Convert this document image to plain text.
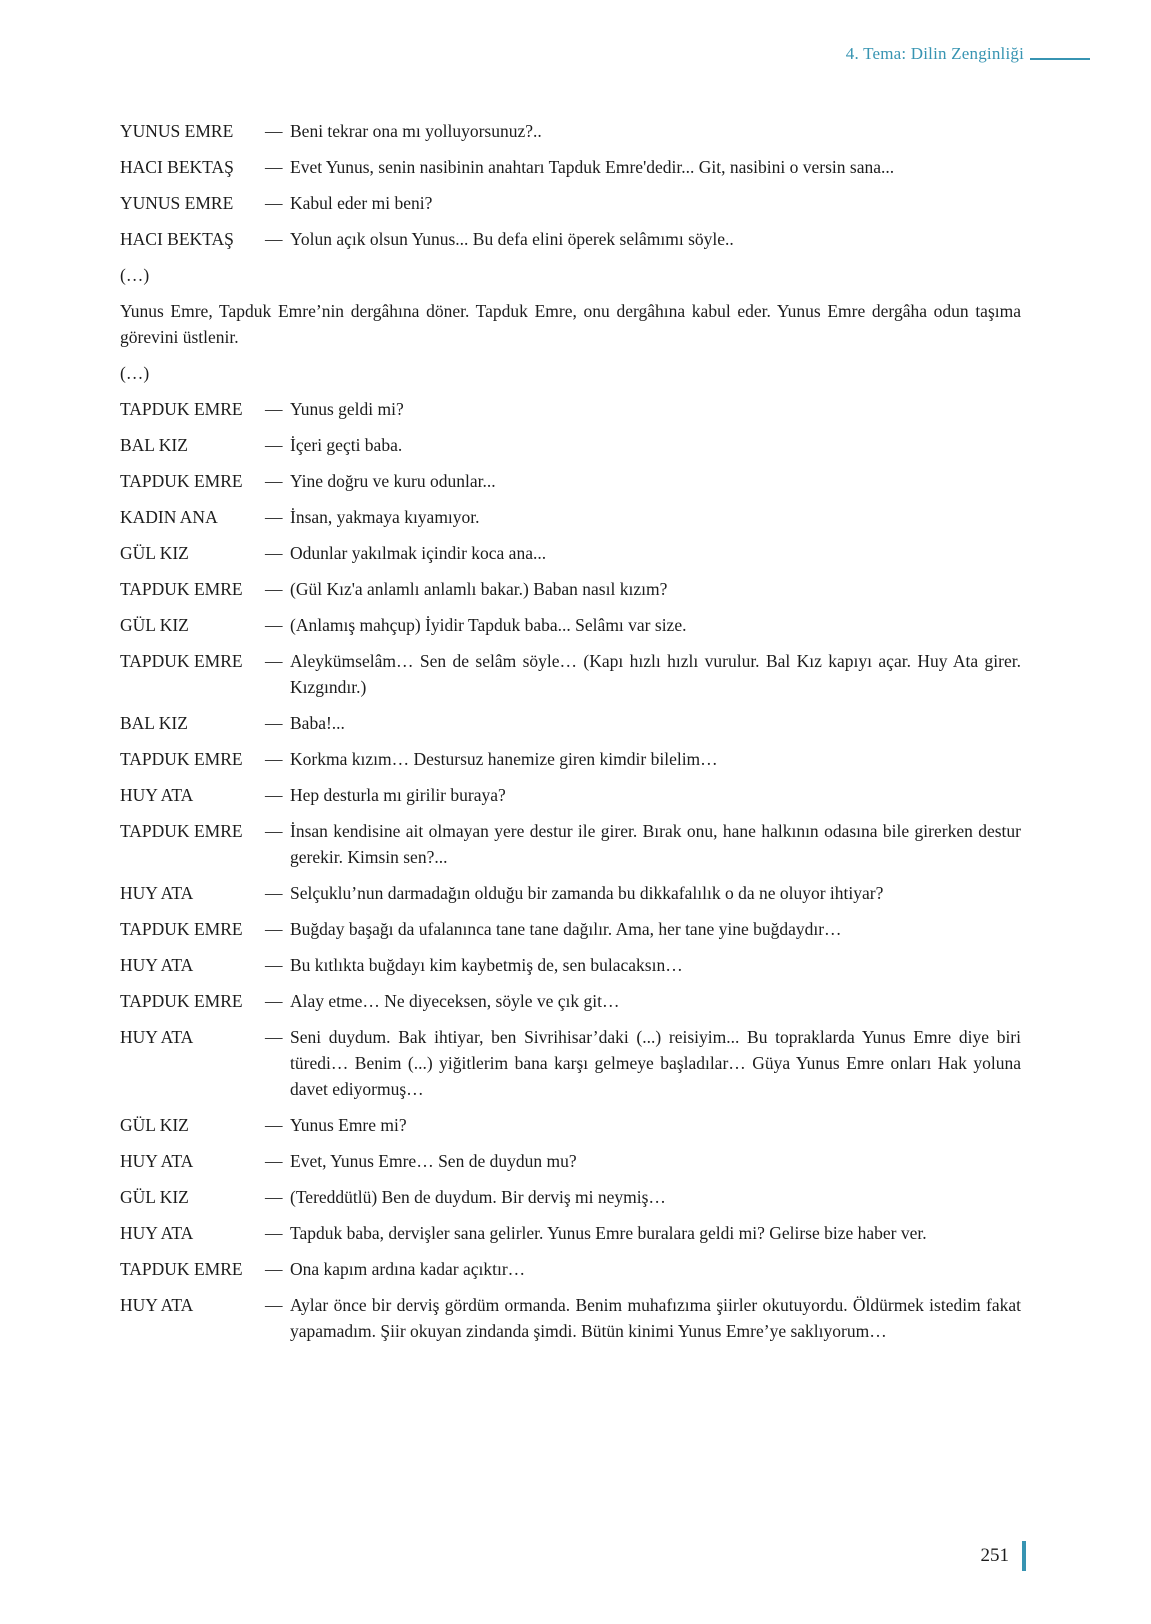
4. Tema: Dilin Zenginliği
YUNUS EMRE	— Beni tekrar ona mı yolluyorsunuz?..
HACI BEKTAŞ	— Evet Yunus, senin nasibinin anahtarı Tapduk Emre'dedir... Git, nasibini o versin sana...
YUNUS EMRE	— Kabul eder mi beni?
HACI BEKTAŞ	— Yolun açık olsun Yunus... Bu defa elini öperek selâmımı söyle..
(…)

Yunus Emre, Tapduk Emre’nin dergâhına döner. Tapduk Emre, onu dergâhına kabul eder. Yunus Emre dergâha odun taşıma görevini üstlenir.

(…)
TAPDUK EMRE	— Yunus geldi mi?
BAL KIZ	— İçeri geçti baba.
TAPDUK EMRE	— Yine doğru ve kuru odunlar...
KADIN ANA	— İnsan, yakmaya kıyamıyor.
GÜL KIZ	— Odunlar yakılmak içindir koca ana...
TAPDUK EMRE	— (Gül Kız'a anlamlı anlamlı bakar.) Baban nasıl kızım?
GÜL KIZ	— (Anlamış mahçup) İyidir Tapduk baba... Selâmı var size.
TAPDUK EMRE	— Aleykümselâm… Sen de selâm söyle… (Kapı hızlı hızlı vurulur. Bal Kız kapıyı açar. Huy Ata girer. Kızgındır.)
BAL KIZ	— Baba!...
TAPDUK EMRE	— Korkma kızım… Destursuz hanemize giren kimdir bilelim…
HUY ATA	— Hep desturla mı girilir buraya?
TAPDUK EMRE	— İnsan kendisine ait olmayan yere destur ile girer. Bırak onu, hane halkının odasına bile girerken destur gerekir. Kimsin sen?...
HUY ATA	— Selçuklu’nun darmadağın olduğu bir zamanda bu dikkafalılık o da ne oluyor ihtiyar?
TAPDUK EMRE	— Buğday başağı da ufalanınca tane tane dağılır. Ama, her tane yine buğdaydır…
HUY ATA	— Bu kıtlıkta buğdayı kim kaybetmiş de, sen bulacaksın…
TAPDUK EMRE	— Alay etme… Ne diyeceksen, söyle ve çık git…
HUY ATA	— Seni duydum. Bak ihtiyar, ben Sivrihisar’daki (...) reisiyim... Bu topraklarda Yunus Emre diye biri türedi… Benim (...) yiğitlerim bana karşı gelmeye başladılar… Güya Yunus Emre onları Hak yoluna davet ediyormuş…
GÜL KIZ	— Yunus Emre mi?
HUY ATA	— Evet, Yunus Emre… Sen de duydun mu?
GÜL KIZ	— (Tereddütlü) Ben de duydum. Bir derviş mi neymiş…
HUY ATA	— Tapduk baba, dervişler sana gelirler. Yunus Emre buralara geldi mi? Gelirse bize haber ver.
TAPDUK EMRE	— Ona kapım ardına kadar açıktır…
HUY ATA	— Aylar önce bir derviş gördüm ormanda. Benim muhafızıma şiirler okutuyordu. Öldürmek istedim fakat yapamadım. Şiir okuyan zindanda şimdi. Bütün kinimi Yunus Emre’ye saklıyorum…
251
